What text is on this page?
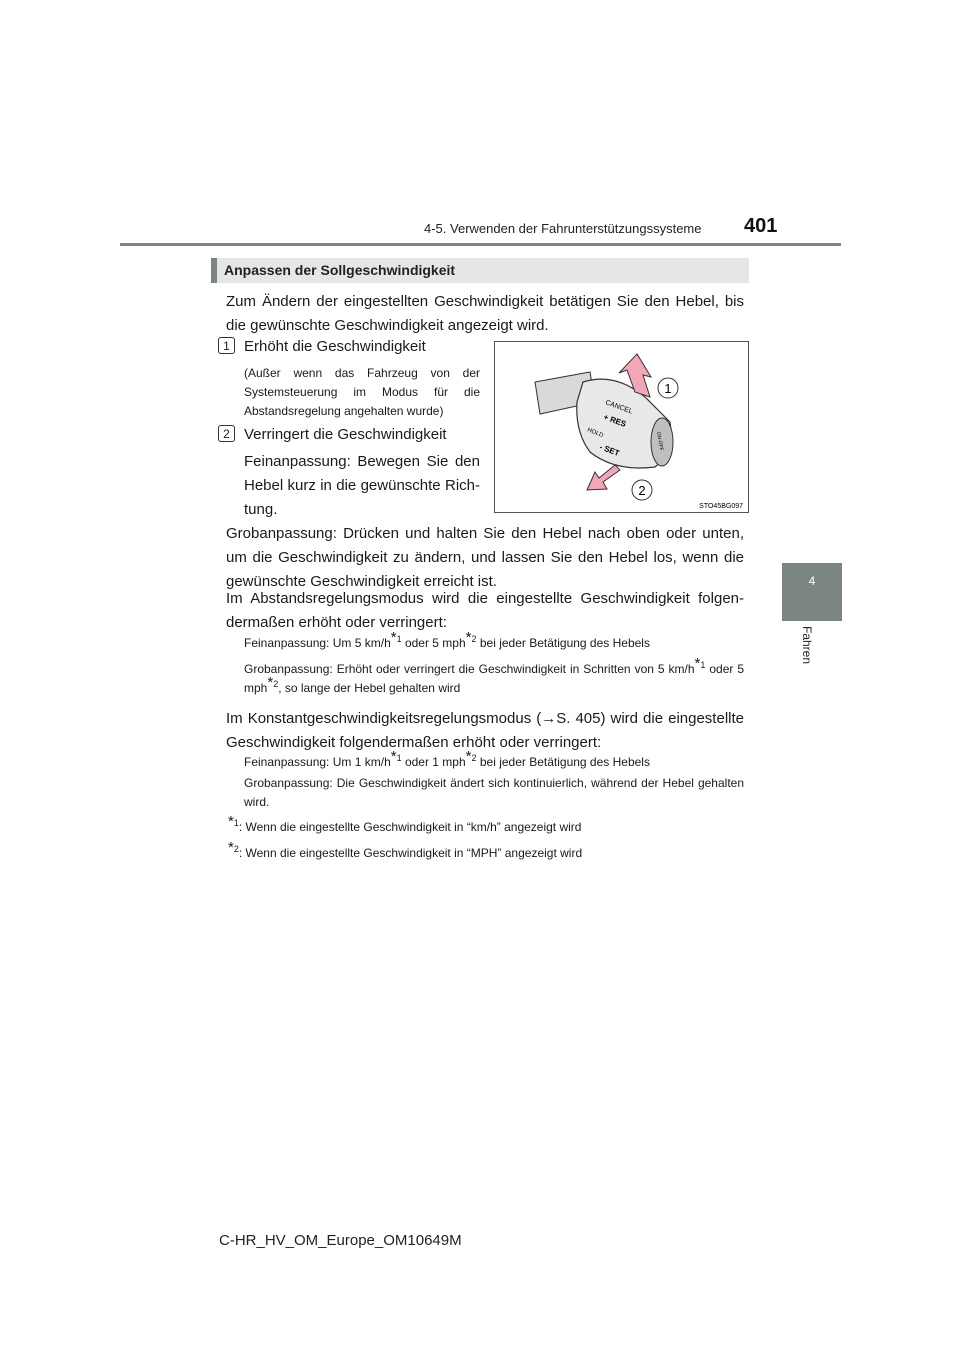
4-5. Verwenden der Fahrunterstützungssysteme 401
4
Fahren
Anpassen der Sollgeschwindigkeit
Zum Ändern der eingestellten Geschwindigkeit betätigen Sie den Hebel, bis die gewünschte Geschwindigkeit angezeigt wird.
1 Erhöht die Geschwindigkeit
(Außer wenn das Fahrzeug von der Systemsteuerung im Modus für die Abstandsregelung angehalten wurde)
2 Verringert die Geschwindigkeit
Feinanpassung: Bewegen Sie den Hebel kurz in die gewünschte Rich-tung.
CANCEL
+ RES
HOLD
- SET	ON-OFF
1
2
STO45BG097
Grobanpassung: Drücken und halten Sie den Hebel nach oben oder unten, um die Geschwindigkeit zu ändern, und lassen Sie den Hebel los, wenn die gewünschte Geschwindigkeit erreicht ist.
Im Abstandsregelungsmodus wird die eingestellte Geschwindigkeit folgen-dermaßen erhöht oder verringert:
Feinanpassung: Um 5 km/h*$^1$ oder 5 mph*$^2$ bei jeder Betätigung des Hebels
Grobanpassung: Erhöht oder verringert die Geschwindigkeit in Schritten von 5 km/h*$^1$ oder 5 mph*$^2$, so lange der Hebel gehalten wird
Im Konstantgeschwindigkeitsregelungsmodus (→S. 405) wird die eingestellte Geschwindigkeit folgendermaßen erhöht oder verringert:
Feinanpassung: Um 1 km/h*$^1$ oder 1 mph*$^2$ bei jeder Betätigung des Hebels
Grobanpassung: Die Geschwindigkeit ändert sich kontinuierlich, während der Hebel gehalten wird.
*$^1$: Wenn die eingestellte Geschwindigkeit in “km/h” angezeigt wird
*$^2$: Wenn die eingestellte Geschwindigkeit in “MPH” angezeigt wird
C-HR_HV_OM_Europe_OM10649M
